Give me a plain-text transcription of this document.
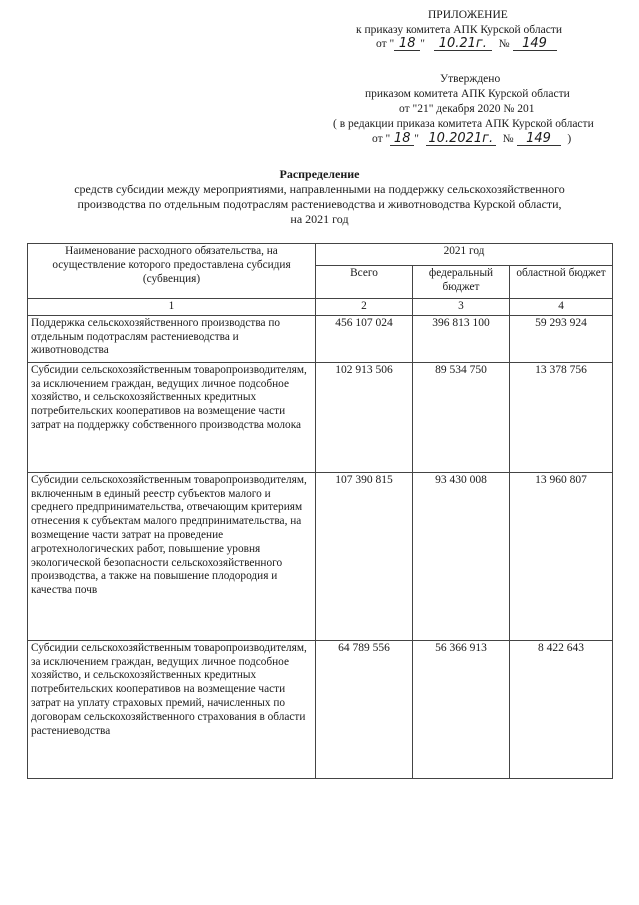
ПРИЛОЖЕНИЕ
к приказу комитета АПК Курской области
от " 18 " 10.21г. № 149
Утверждено
приказом комитета АПК Курской области
от "21" декабря 2020 № 201
( в редакции приказа комитета АПК Курской области
от " 18 " 10.2021г. № 149 )
Распределение
средств субсидии между мероприятиями, направленными на поддержку сельскохозяйственного
производства по отдельным подотраслям растениеводства и животноводства Курской области,
на 2021 год
Наименование расходного обязательства, на осуществление которого предоставлена субсидия (субвенция)	2021 год		
	Всего	федеральный бюджет	областной бюджет
1	2	3	4
Поддержка сельскохозяйственного производства по отдельным подотраслям растениеводства и животноводства	456 107 024	396 813 100	59 293 924
Субсидии сельскохозяйственным товаропроизводителям, за исключением граждан, ведущих личное подсобное хозяйство, и сельскохозяйственных кредитных потребительских кооперативов на возмещение части затрат на поддержку собственного производства молока	102 913 506	89 534 750	13 378 756
Субсидии сельскохозяйственным товаропроизводителям, включенным в единый реестр субъектов малого и среднего предпринимательства, отвечающим критериям отнесения к субъектам малого предпринимательства, на возмещение части затрат на проведение агротехнологических работ, повышение уровня экологической безопасности сельскохозяйственного производства, а также на повышение плодородия и качества почв	107 390 815	93 430 008	13 960 807
Субсидии сельскохозяйственным товаропроизводителям, за исключением граждан, ведущих личное подсобное хозяйство, и сельскохозяйственных кредитных потребительских кооперативов на возмещение части затрат на уплату страховых премий, начисленных по договорам сельскохозяйственного страхования в области растениеводства	64 789 556	56 366 913	8 422 643
